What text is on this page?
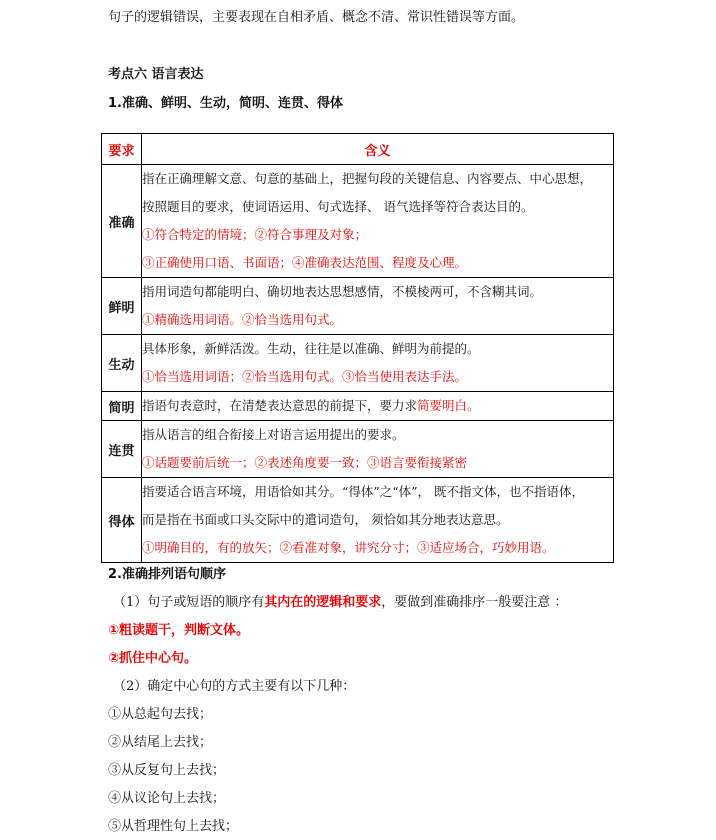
句子的逻辑错误，主要表现在自相矛盾、概念不清、常识性错误等方面。
考点六 语言表达
1.准确、鲜明、生动，简明、连贯、得体
要求	含义
准确	指在正确理解文意、句意的基础上，把握句段的关键信息、内容要点、中心思想，

按照题目的要求，使词语运用、句式选择、 语气选择等符合表达目的。

①符合特定的情境；②符合事理及对象；

③正确使用口语、书面语；④准确表达范围、程度及心理。

鲜明	指用词造句都能明白、确切地表达思想感情，不模棱两可，不含糊其词。

①精确选用词语。②恰当选用句式。

生动	具体形象，新鲜活泼。生动，往往是以准确、鲜明为前提的。

①恰当选用词语；②恰当选用句式。③恰当使用表达手法。

简明	指语句表意时，在清楚表达意思的前提下，要力求简要明白。

连贯	指从语言的组合衔接上对语言运用提出的要求。

①话题要前后统一；②表述角度要一致；③语言要衔接紧密

得体	指要适合语言环境，用语恰如其分。“得体”之“体”， 既不指文体，也不指语体，

而是指在书面或口头交际中的遣词造句， 须恰如其分地表达意思。

①明确目的，有的放矢；②看准对象，讲究分寸；③适应场合，巧妙用语。

2.准确排列语句顺序
（1）句子或短语的顺序有其内在的逻辑和要求，要做到准确排序一般要注意 ：
①粗读题干，判断文体。
②抓住中心句。
（2）确定中心句的方式主要有以下几种：
①从总起句去找；
②从结尾上去找；
③从反复句上去找；
④从议论句上去找；
⑤从哲理性句上去找；
